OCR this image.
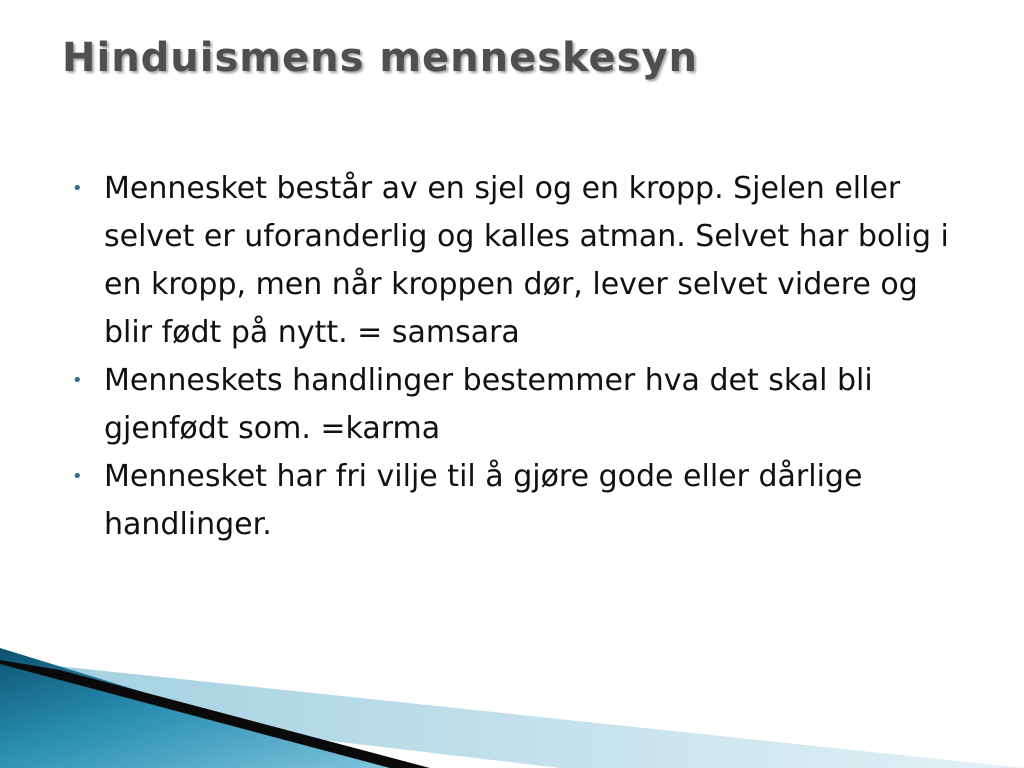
Hinduismens menneskesyn
• Mennesket består av en sjel og en kropp. Sjelen eller selvet er uforanderlig og kalles atman. Selvet har bolig i en kropp, men når kroppen dør, lever selvet videre og blir født på nytt. = samsara
• Menneskets handlinger bestemmer hva det skal bli gjenfødt som. =karma
• Mennesket har fri vilje til å gjøre gode eller dårlige handlinger.
